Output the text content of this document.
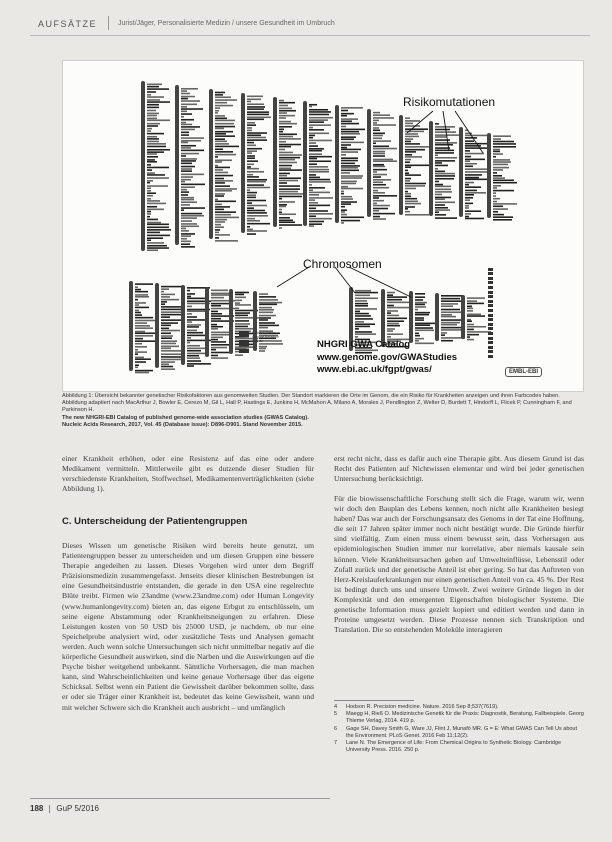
AUFSÄTZE	Jurist/Jäger, Personalisierte Medizin / unsere Gesundheit im Umbruch
Risikomutationen
Chromosomen
National Human
Genome Research
Institute	NHGRI GWA Catalog
www.genome.gov/GWAStudies
www.ebi.ac.uk/fgpt/gwas/	EMBL-EBI
Abbildung 1: Übersicht bekannter genetischer Risikofaktoren aus genomweiten Studien. Der Standort markieren die Orte im Genom, die ein Risiko für Krankheiten anzeigen und ihren Farbcodes haben. Abbildung adaptiert nach MacArthur J, Bowler E, Cerezo M, Gil L, Hall P, Hastings E, Junkins H, McMahon A, Milano A, Morales J, Pendlington Z, Welter D, Burdett T, Hindorff L, Flicek P, Cunningham F, and Parkinson H.
The new NHGRI-EBI Catalog of published genome-wide association studies (GWAS Catalog).
Nucleic Acids Research, 2017, Vol. 45 (Database issue): D896-D901. Stand November 2015.

einer Krankheit erhöhen, oder eine Resistenz auf das eine oder andere Medikament vermitteln. Mittlerweile gibt es dutzende dieser Studien für verschiedenste Krankheiten, Stoffwechsel, Medikamentenverträglichkeiten (siehe Abbildung 1).

C. Unterscheidung der Patientengruppen

Dieses Wissen um genetische Risiken wird bereits heute genutzt, um Patientengruppen besser zu unterscheiden und um diesen Gruppen eine bessere Therapie angedeihen zu lassen. Dieses Vorgehen wird unter dem Begriff Präzisionsmedizin zusammengefasst. Jenseits dieser klinischen Bestrebungen ist eine Gesundheitsindustrie entstanden, die gerade in den USA eine regelrechte Blüte treibt. Firmen wie 23andme (www.23andme.com) oder Human Longevity (www.humanlongevity.com) bieten an, das eigene Erbgut zu entschlüsseln, um seine eigene Abstammung oder Krankheitsneigungen zu erfahren. Diese Leistungen kosten von 50 USD bis 25000 USD, je nachdem, ob nur eine Speichelprobe analysiert wird, oder zusätzliche Tests und Analysen gemacht werden. Auch wenn solche Untersuchungen sich nicht unmittelbar negativ auf die körperliche Gesundheit auswirken, sind die Narben und die Auswirkungen auf die Psyche bisher weitgehend unbekannt. Sämtliche Vorhersagen, die man machen kann, sind Wahrscheinlichkeiten und keine genaue Vorhersage über das eigene Schicksal. Selbst wenn ein Patient die Gewissheit darüber bekommen sollte, dass er oder sie Träger einer Krankheit ist, bedeutet das keine Gewissheit, wann und mit welcher Schwere sich die Krankheit auch ausbricht – und umfänglich

erst recht nicht, dass es dafür auch eine Therapie gibt. Aus diesem Grund ist das Recht des Patienten auf Nichtwissen elementar und wird bei jeder genetischen Untersuchung berücksichtigt.

Für die biowissenschaftliche Forschung stellt sich die Frage, warum wir, wenn wir doch den Bauplan des Lebens kennen, noch nicht alle Krankheiten besiegt haben? Das war auch der Forschungsansatz des Genoms in der Tat eine Hoffnung, die seit 17 Jahren später immer noch nicht bestätigt wurde. Die Gründe hierfür sind vielfältig. Zum einen muss einem bewusst sein, dass Vorhersagen aus epidemiologischen Studien immer nur korrelative, aber niemals kausale sein können. Viele Krankheitsursachen gehen auf Umwelteinflüsse, Lebensstil oder Zufall zurück und der genetische Anteil ist eher gering. So hat das Auftreten von Herz-Kreislauferkrankungen nur einen genetischen Anteil von ca. 45 %. Der Rest ist bedingt durch uns und unsere Umwelt. Zwei weitere Gründe liegen in der Komplexität und den emergenten Eigenschaften biologischer Systeme. Die genetische Information muss gezielt kopiert und editiert werden und dann in Proteine umgesetzt werden. Diese Prozesse nennen sich Transkription und Translation. Die so entstehenden Moleküle interagieren

4	Hodson R. Precision medicine. Nature. 2016 Sep 8;537(7619).
5	Maegg H, Rieß O. Medizinische Genetik für die Praxis: Diagnostik, Beratung, Fallbeispiele. Georg Thieme Verlag, 2014. 419 p.
6	Gage SH, Davey Smith G, Ware JJ, Flint J, Munafò MR. G = E: What GWAS Can Tell Us about the Environment. PLoS Genet. 2016 Feb 11;12(2).
7	Lane N. The Emergence of Life: From Chemical Origins to Synthetic Biology. Cambridge University Press. 2016. 250 p.
188 GuP 5/2016
